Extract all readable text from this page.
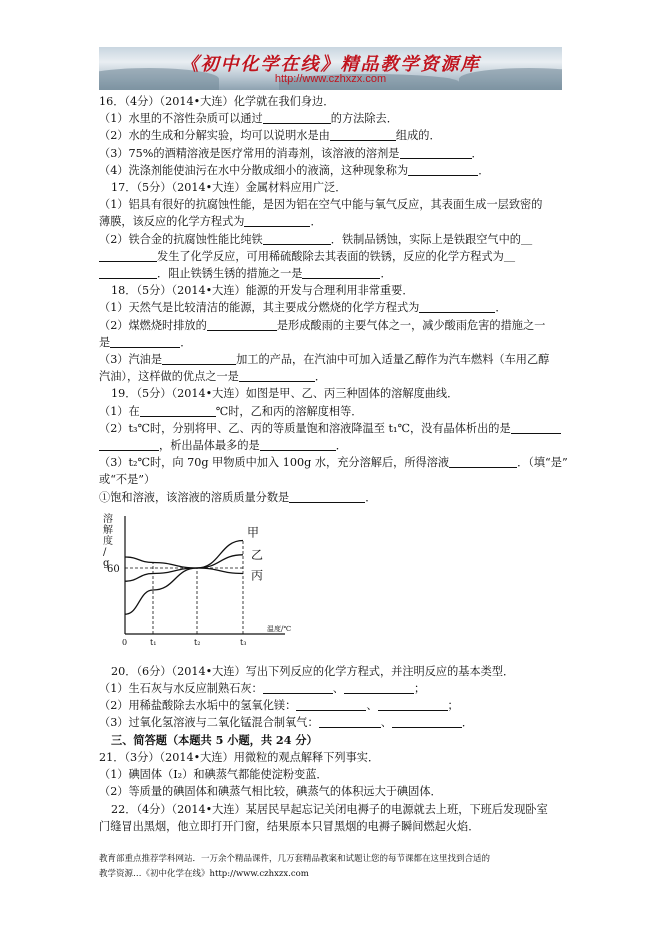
《初中化学在线》精品教学资源库
http://www.czhxzx.com

16．（4分）（2014•大连）化学就在我们身边．

（1）水里的不溶性杂质可以通过	的方法除去．

（2）水的生成和分解实验，均可以说明水是由	组成的．

（3）75%的酒精溶液是医疗常用的消毒剂，该溶液的溶剂是	．

（4）洗涤剂能使油污在水中分散成细小的液滴，这种现象称为	．

17．（5分）（2014•大连）金属材料应用广泛．

（1）铝具有很好的抗腐蚀性能，是因为铝在空气中能与氧气反应，其表面生成一层致密的

薄膜，该反应的化学方程式为	．

（2）铁合金的抗腐蚀性能比纯铁	．铁制品锈蚀，实际上是铁跟空气中的＿

发生了化学反应，可用稀硫酸除去其表面的铁锈，反应的化学方程式为＿

．阻止铁锈生锈的措施之一是	．

18．（5分）（2014•大连）能源的开发与合理利用非常重要．

（1）天然气是比较清洁的能源，其主要成分燃烧的化学方程式为	．

（2）煤燃烧时排放的	是形成酸雨的主要气体之一，减少酸雨危害的措施之一

是	．

（3）汽油是	加工的产品，在汽油中可加入适量乙醇作为汽车燃料（车用乙醇

汽油），这样做的优点之一是	．

19．（5分）（2014•大连）如图是甲、乙、丙三种固体的溶解度曲线．

（1）在	℃时，乙和丙的溶解度相等．

（2）t₃℃时，分别将甲、乙、丙的等质量饱和溶液降温至 t₁℃，没有晶体析出的是

，析出晶体最多的是	．

（3）t₂℃时，向 70g 甲物质中加入 100g 水，充分溶解后，所得溶液	．（填“是”

或“不是”）

①饱和溶液，该溶液的溶质质量分数是	．

溶
解
度
/
g
温度/℃
60
0	t₁	t₂	t₃
甲
乙
丙

20．（6分）（2014•大连）写出下列反应的化学方程式，并注明反应的基本类型．

（1）生石灰与水反应制熟石灰：	、	；

（2）用稀盐酸除去水垢中的氢氧化镁：	、	；

（3）过氧化氢溶液与二氧化锰混合制氧气：	、	．

三、简答题（本题共 5 小题，共 24 分）

21．（3分）（2014•大连）用微粒的观点解释下列事实．

（1）碘固体（I₂）和碘蒸气都能使淀粉变蓝．

（2）等质量的碘固体和碘蒸气相比较，碘蒸气的体积远大于碘固体．

22．（4分）（2014•大连）某居民早起忘记关闭电褥子的电源就去上班，下班后发现卧室

门缝冒出黑烟，他立即打开门窗，结果原本只冒黑烟的电褥子瞬间燃起火焰．

教育部重点推荐学科网站．一万余个精品课件，几万套精品教案和试题让您的每节课都在这里找到合适的
教学资源…《初中化学在线》http://www.czhxzx.com
